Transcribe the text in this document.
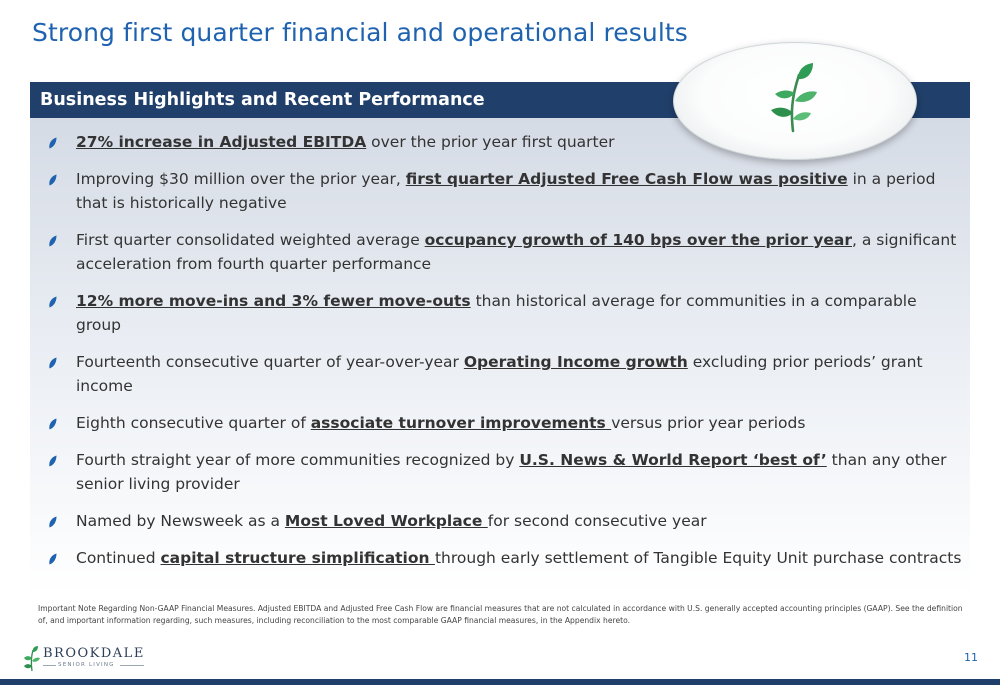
Strong first quarter financial and operational results
Business Highlights and Recent Performance
27% increase in Adjusted EBITDA over the prior year first quarter
Improving $30 million over the prior year, first quarter Adjusted Free Cash Flow was positive in a period that is historically negative
First quarter consolidated weighted average occupancy growth of 140 bps over the prior year, a significant acceleration from fourth quarter performance
12% more move-ins and 3% fewer move-outs than historical average for communities in a comparable group
Fourteenth consecutive quarter of year-over-year Operating Income growth excluding prior periods’ grant income
Eighth consecutive quarter of associate turnover improvements versus prior year periods
Fourth straight year of more communities recognized by U.S. News & World Report ‘best of’ than any other senior living provider
Named by Newsweek as a Most Loved Workplace for second consecutive year
Continued capital structure simplification through early settlement of Tangible Equity Unit purchase contracts
Important Note Regarding Non-GAAP Financial Measures. Adjusted EBITDA and Adjusted Free Cash Flow are financial measures that are not calculated in accordance with U.S. generally accepted accounting principles (GAAP). See the definition of, and important information regarding, such measures, including reconciliation to the most comparable GAAP financial measures, in the Appendix hereto.
BROOKDALE
SENIOR LIVING
11
